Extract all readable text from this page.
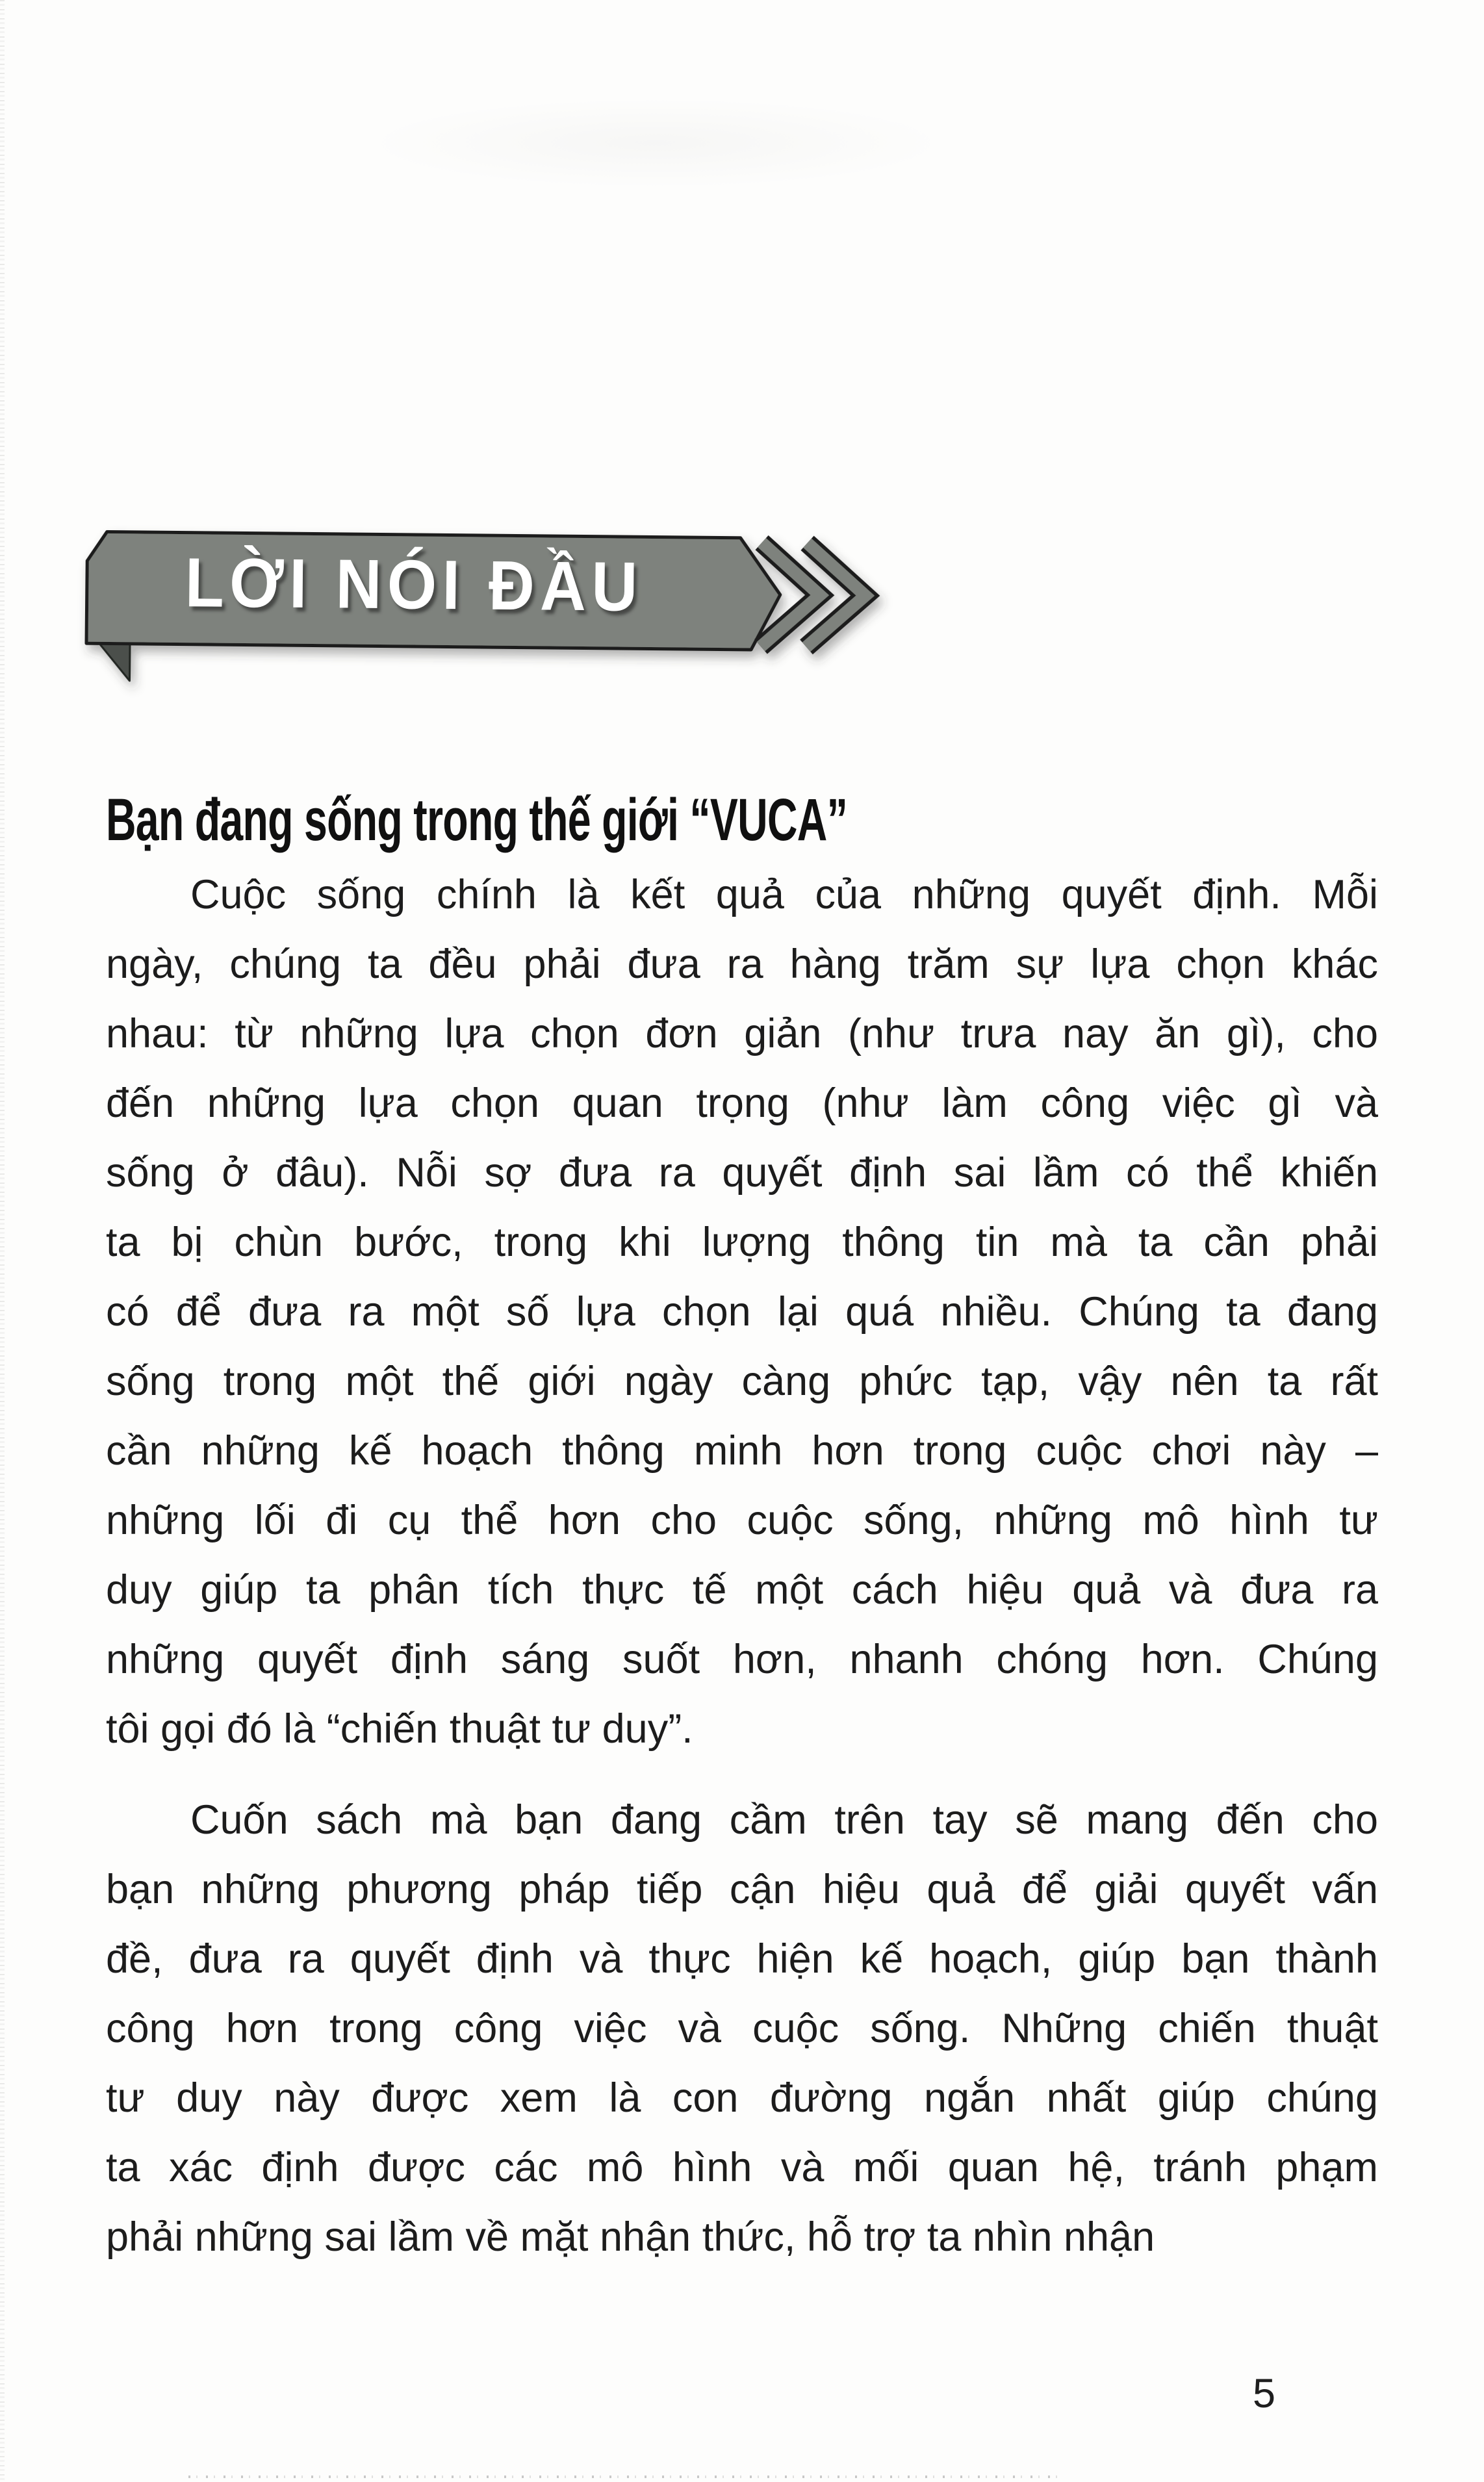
LỜI NÓI ĐẦU
Bạn đang sống trong thế giới “VUCA”
Cuộc sống chính là kết quả của những quyết định. Mỗi
ngày, chúng ta đều phải đưa ra hàng trăm sự lựa chọn khác
nhau: từ những lựa chọn đơn giản (như trưa nay ăn gì), cho
đến những lựa chọn quan trọng (như làm công việc gì và
sống ở đâu). Nỗi sợ đưa ra quyết định sai lầm có thể khiến
ta bị chùn bước, trong khi lượng thông tin mà ta cần phải
có để đưa ra một số lựa chọn lại quá nhiều. Chúng ta đang
sống trong một thế giới ngày càng phức tạp, vậy nên ta rất
cần những kế hoạch thông minh hơn trong cuộc chơi này –
những lối đi cụ thể hơn cho cuộc sống, những mô hình tư
duy giúp ta phân tích thực tế một cách hiệu quả và đưa ra
những quyết định sáng suốt hơn, nhanh chóng hơn. Chúng
tôi gọi đó là “chiến thuật tư duy”.
Cuốn sách mà bạn đang cầm trên tay sẽ mang đến cho
bạn những phương pháp tiếp cận hiệu quả để giải quyết vấn
đề, đưa ra quyết định và thực hiện kế hoạch, giúp bạn thành
công hơn trong công việc và cuộc sống. Những chiến thuật
tư duy này được xem là con đường ngắn nhất giúp chúng
ta xác định được các mô hình và mối quan hệ, tránh phạm
phải những sai lầm về mặt nhận thức, hỗ trợ ta nhìn nhận
5
